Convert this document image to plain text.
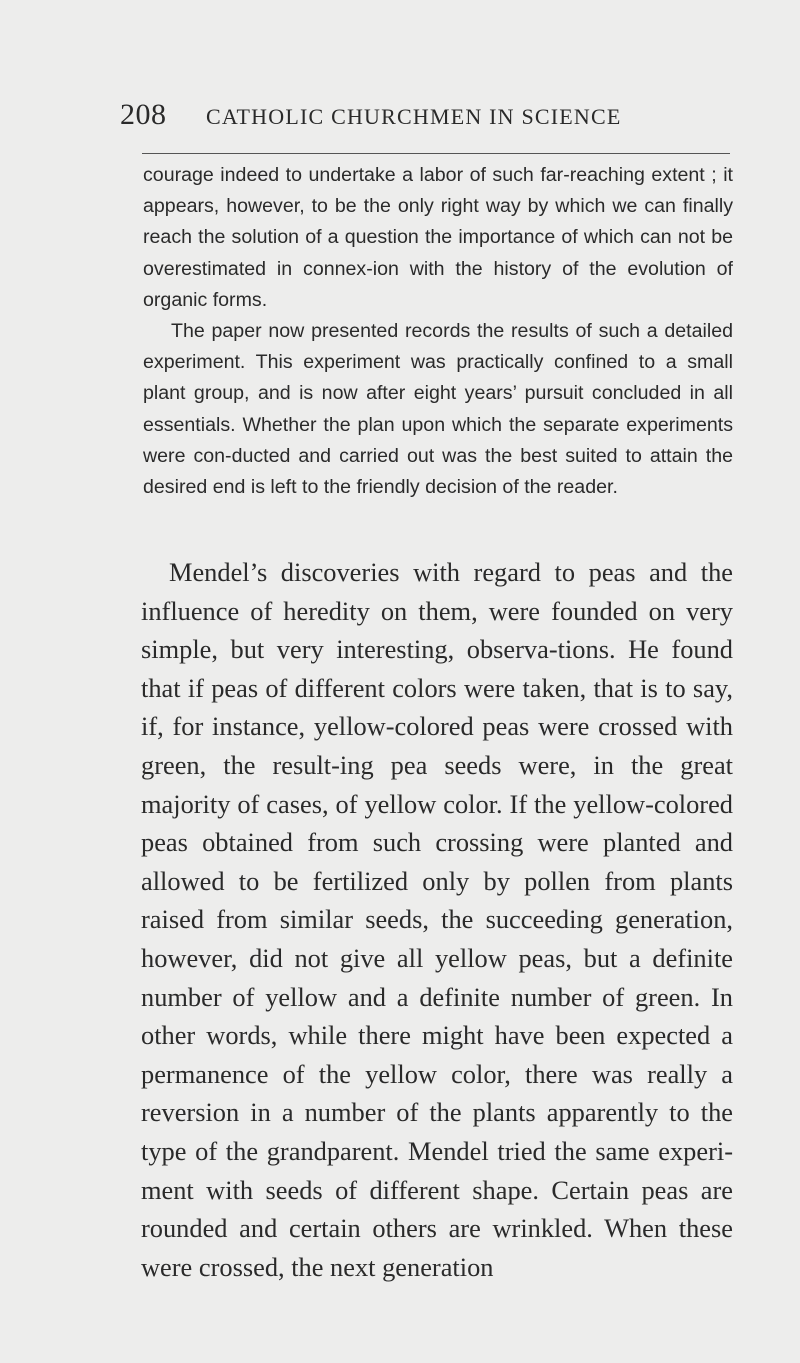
208 CATHOLIC CHURCHMEN IN SCIENCE

courage indeed to undertake a labor of such far-reaching extent ; it appears, however, to be the only right way by which we can finally reach the solution of a question the importance of which can not be overestimated in connex-ion with the history of the evolution of organic forms.

The paper now presented records the results of such a detailed experiment. This experiment was practically confined to a small plant group, and is now after eight years’ pursuit concluded in all essentials. Whether the plan upon which the separate experiments were con-ducted and carried out was the best suited to attain the desired end is left to the friendly decision of the reader.

Mendel’s discoveries with regard to peas and the influence of heredity on them, were founded on very simple, but very interesting, observa-tions. He found that if peas of different colors were taken, that is to say, if, for instance, yellow-colored peas were crossed with green, the result-ing pea seeds were, in the great majority of cases, of yellow color. If the yellow-colored peas obtained from such crossing were planted and allowed to be fertilized only by pollen from plants raised from similar seeds, the succeeding generation, however, did not give all yellow peas, but a definite number of yellow and a definite number of green. In other words, while there might have been expected a permanence of the yellow color, there was really a reversion in a number of the plants apparently to the type of the grandparent. Mendel tried the same experi-ment with seeds of different shape. Certain peas are rounded and certain others are wrinkled. When these were crossed, the next generation
